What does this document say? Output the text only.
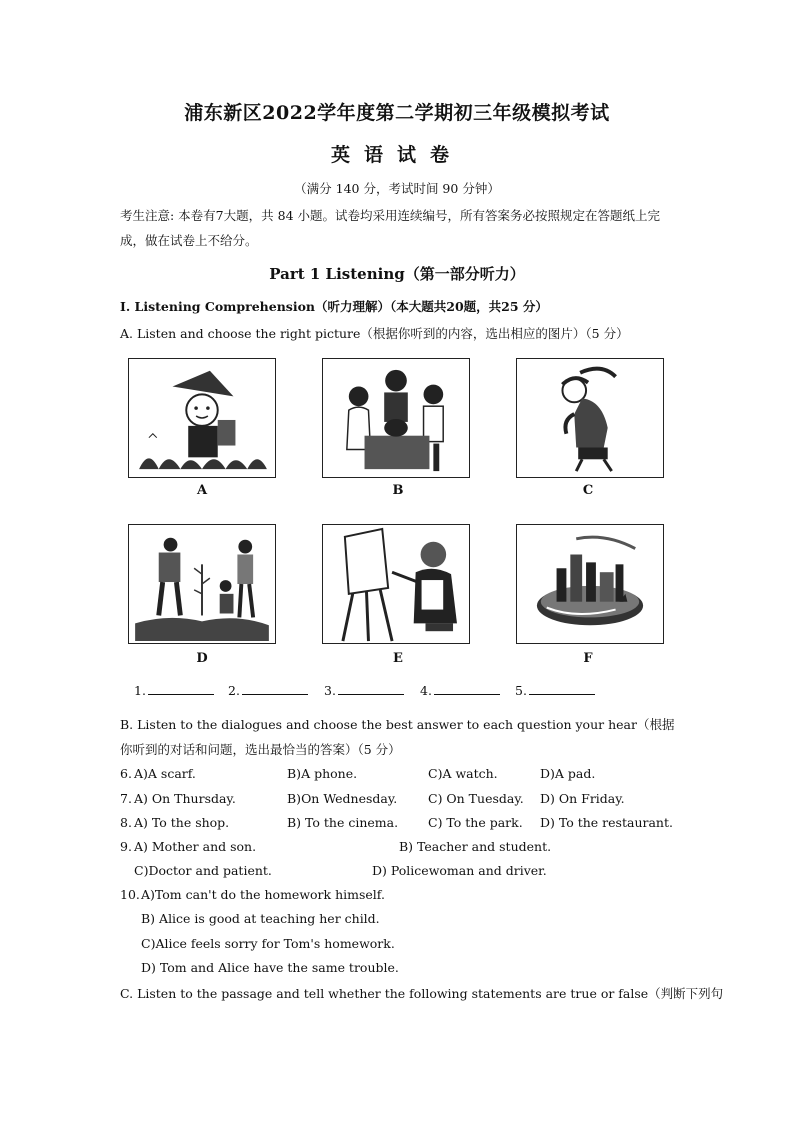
浦东新区2022学年度第二学期初三年级模拟考试
英语试卷
（满分 140 分，考试时间 90 分钟）
考生注意: 本卷有7大题，共 84 小题。试卷均采用连续编号，所有答案务必按照规定在答题纸上完成，做在试卷上不给分。
Part 1 Listening（第一部分听力）
I. Listening Comprehension（听力理解）（本大题共20题，共25 分）
A. Listen and choose the right picture（根据你听到的内容，选出相应的图片）（5 分）
A	B	C
D	E	F
1.	2.	3.	4.	5.
B. Listen to the dialogues and choose the best answer to each question your hear（根据你听到的对话和问题，选出最恰当的答案）（5 分）
6. A)A scarf.	B)A phone.	C)A watch.	D)A pad.
7. A) On Thursday.	B)On Wednesday. C) On Tuesday. D) On Friday.
8. A) To the shop.	B) To the cinema. C) To the park. D) To the restaurant.
9. A) Mother and son.	B) Teacher and student.
C)Doctor and patient.	D) Policewoman and driver.
10. A)Tom can't do the homework himself.
B) Alice is good at teaching her child.
C)Alice feels sorry for Tom's homework.
D) Tom and Alice have the same trouble.
C. Listen to the passage and tell whether the following statements are true or false（判断下列句
